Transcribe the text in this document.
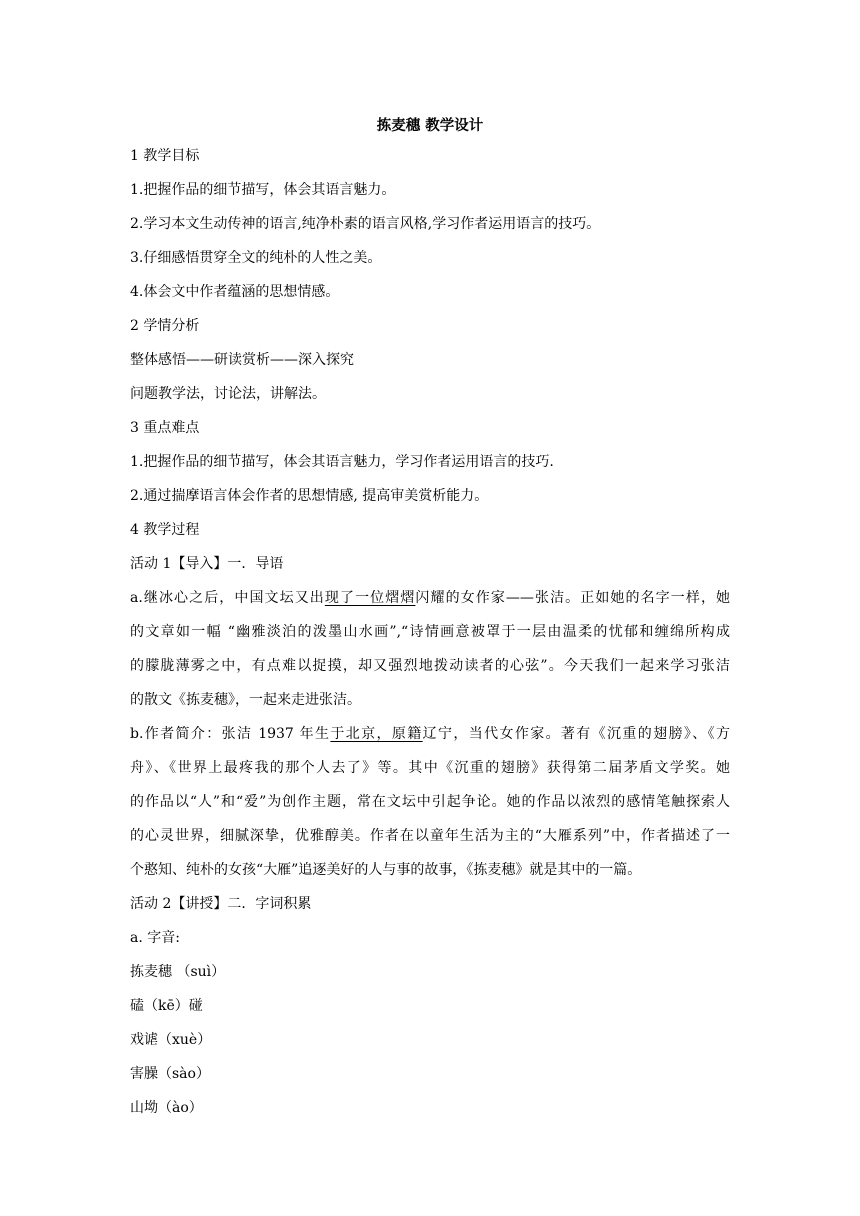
拣麦穗 教学设计
1 教学目标
1.把握作品的细节描写，体会其语言魅力。
2.学习本文生动传神的语言,纯净朴素的语言风格,学习作者运用语言的技巧。
3.仔细感悟贯穿全文的纯朴的人性之美。
4.体会文中作者蕴涵的思想情感。
2 学情分析
整体感悟——研读赏析——深入探究
问题教学法，讨论法，讲解法。
3 重点难点
1.把握作品的细节描写，体会其语言魅力，学习作者运用语言的技巧.
2.通过揣摩语言体会作者的思想情感, 提高审美赏析能力。
4 教学过程
活动 1【导入】一．导语
a.继冰心之后，中国文坛又出现了一位熠熠闪耀的女作家——张洁。正如她的名字一样，她
的文章如一幅 “幽雅淡泊的泼墨山水画”,“诗情画意被罩于一层由温柔的忧郁和缠绵所构成
的朦胧薄雾之中，有点难以捉摸，却又强烈地拨动读者的心弦”。今天我们一起来学习张洁
的散文《拣麦穗》，一起来走进张洁。
b.作者简介：张洁 1937 年生于北京，原籍辽宁，当代女作家。著有《沉重的翅膀》、《方
舟》、《世界上最疼我的那个人去了》等。其中《沉重的翅膀》获得第二届茅盾文学奖。她
的作品以“人”和“爱”为创作主题，常在文坛中引起争论。她的作品以浓烈的感情笔触探索人
的心灵世界，细腻深挚，优雅醇美。作者在以童年生活为主的“大雁系列”中，作者描述了一
个憨知、纯朴的女孩“大雁”追逐美好的人与事的故事，《拣麦穗》就是其中的一篇。
活动 2【讲授】二．字词积累
a. 字音:
拣麦穗 （suì）
磕（kē）碰
戏谑（xuè）
害臊（sào）
山坳（ào）
